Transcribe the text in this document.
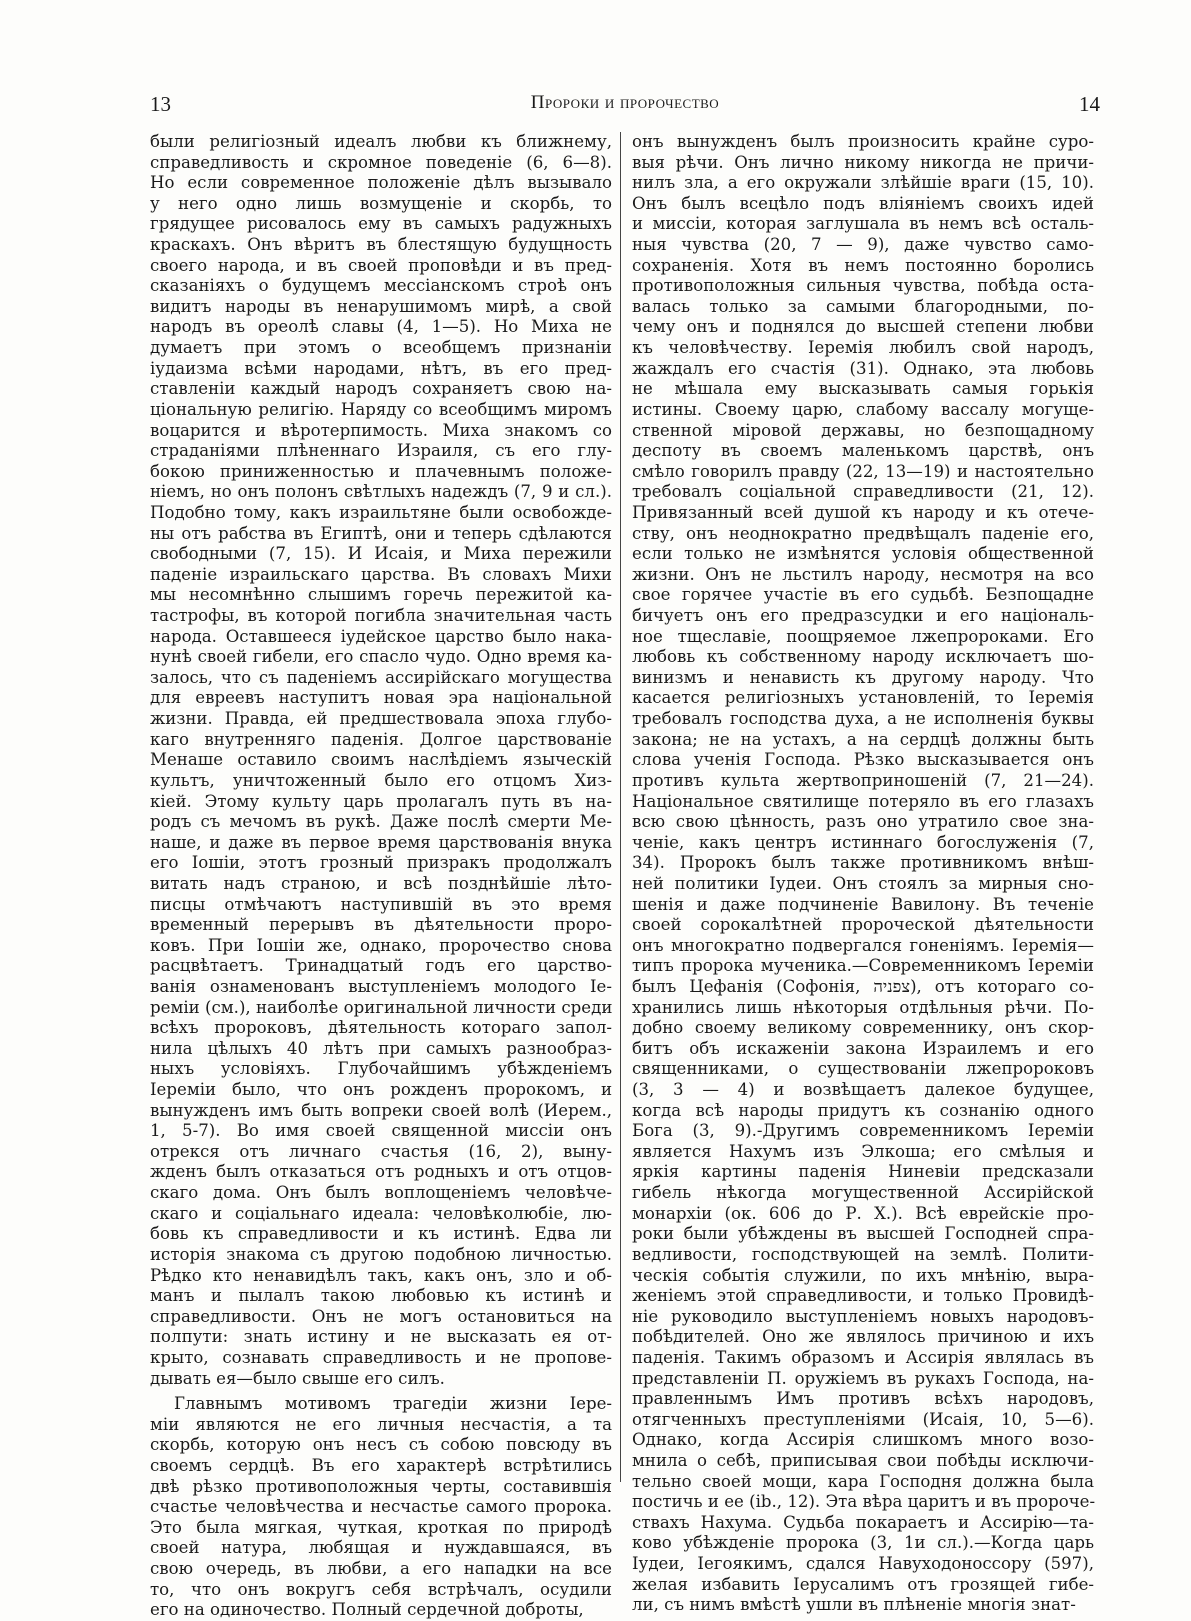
13	Пророки и пророчество	14
были религіозный идеалъ любви къ ближнему,
справедливость и скромное поведеніе (6, 6—8).
Но если современное положеніе дѣлъ вызывало
у него одно лишь возмущеніе и скорбь, то
грядущее рисовалось ему въ самыхъ радужныхъ
краскахъ. Онъ вѣритъ въ блестящую будущность
своего народа, и въ своей проповѣди и въ пред-
сказаніяхъ о будущемъ мессіанскомъ строѣ онъ
видитъ народы въ ненарушимомъ мирѣ, а свой
народъ въ ореолѣ славы (4, 1—5). Но Миха не
думаетъ при этомъ о всеобщемъ признаніи
іудаизма всѣми народами, нѣтъ, въ его пред-
ставленіи каждый народъ сохраняетъ свою на-
ціональную религію. Наряду со всеобщимъ миромъ
воцарится и вѣротерпимость. Миха знакомъ со
страданіями плѣненнаго Израиля, съ его глу-
бокою приниженностью и плачевнымъ положе-
ніемъ, но онъ полонъ свѣтлыхъ надеждъ (7, 9 и сл.).
Подобно тому, какъ израильтяне были освобожде-
ны отъ рабства въ Египтѣ, они и теперь сдѣлаются
свободными (7, 15). И Исаія, и Миха пережили
паденіе израильскаго царства. Въ словахъ Михи
мы несомнѣнно слышимъ горечь пережитой ка-
тастрофы, въ которой погибла значительная часть
народа. Оставшееся іудейское царство было нака-
нунѣ своей гибели, его спасло чудо. Одно время ка-
залось, что съ паденіемъ ассирійскаго могущества
для евреевъ наступитъ новая эра національной
жизни. Правда, ей предшествовала эпоха глубо-
каго внутренняго паденія. Долгое царствованіе
Менаше оставило своимъ наслѣдіемъ языческій
культъ, уничтоженный было его отцомъ Хиз-
кіей. Этому культу царь пролагалъ путь въ на-
родъ съ мечомъ въ рукѣ. Даже послѣ смерти Ме-
наше, и даже въ первое время царствованія внука
его Іошіи, этотъ грозный призракъ продолжалъ
витать надъ страною, и всѣ позднѣйшіе лѣто-
писцы отмѣчаютъ наступившій въ это время
временный перерывъ въ дѣятельности проро-
ковъ. При Іошіи же, однако, пророчество снова
расцвѣтаетъ. Тринадцатый годъ его царство-
ванія ознаменованъ выступленіемъ молодого Іе-
реміи (см.), наиболѣе оригинальной личности среди
всѣхъ пророковъ, дѣятельность котораго запол-
нила цѣлыхъ 40 лѣтъ при самыхъ разнообраз-
ныхъ условіяхъ. Глубочайшимъ убѣжденіемъ
Іереміи было, что онъ рожденъ пророкомъ, и
вынужденъ имъ быть вопреки своей волѣ (Иерем.,
1, 5-7). Во имя своей священной миссіи онъ
отрекся отъ личнаго счастья (16, 2), выну-
жденъ былъ отказаться отъ родныхъ и отъ отцов-
скаго дома. Онъ былъ воплощеніемъ человѣче-
скаго и соціальнаго идеала: человѣколюбіе, лю-
бовь къ справедливости и къ истинѣ. Едва ли
исторія знакома съ другою подобною личностью.
Рѣдко кто ненавидѣлъ такъ, какъ онъ, зло и об-
манъ и пылалъ такою любовью къ истинѣ и
справедливости. Онъ не могъ остановиться на
полпути: знать истину и не высказать ея от-
крыто, сознавать справедливость и не пропове-
дывать ея—было свыше его силъ.
Главнымъ мотивомъ трагедіи жизни Іере-
міи являются не его личныя несчастія, а та
скорбь, которую онъ несъ съ собою повсюду въ
своемъ сердцѣ. Въ его характерѣ встрѣтились
двѣ рѣзко противоположныя черты, составившія
счастье человѣчества и несчастье самого пророка.
Это была мягкая, чуткая, кроткая по природѣ
своей натура, любящая и нуждавшаяся, въ
свою очередь, въ любви, а его нападки на все
то, что онъ вокругъ себя встрѣчалъ, осудили
его на одиночество. Полный сердечной доброты,
онъ вынужденъ былъ произносить крайне суро-
выя рѣчи. Онъ лично никому никогда не причи-
нилъ зла, а его окружали злѣйшіе враги (15, 10).
Онъ былъ всецѣло подъ вліяніемъ своихъ идей
и миссіи, которая заглушала въ немъ всѣ осталь-
ныя чувства (20, 7 — 9), даже чувство само-
сохраненія. Хотя въ немъ постоянно боролись
противоположныя сильныя чувства, побѣда оста-
валась только за самыми благородными, по-
чему онъ и поднялся до высшей степени любви
къ человѣчеству. Іеремія любилъ свой народъ,
жаждалъ его счастія (31). Однако, эта любовь
не мѣшала ему высказывать самыя горькія
истины. Своему царю, слабому вассалу могуще-
ственной міровой державы, но безпощадному
деспоту въ своемъ маленькомъ царствѣ, онъ
смѣло говорилъ правду (22, 13—19) и настоятельно
требовалъ соціальной справедливости (21, 12).
Привязанный всей душой къ народу и къ отече-
ству, онъ неоднократно предвѣщалъ паденіе его,
если только не измѣнятся условія общественной
жизни. Онъ не льстилъ народу, несмотря на всо
свое горячее участіе въ его судьбѣ. Безпощадне
бичуетъ онъ его предразсудки и его національ-
ное тщеславіе, поощряемое лжепророками. Его
любовь къ собственному народу исключаетъ шо-
винизмъ и ненависть къ другому народу. Что
касается религіозныхъ установленій, то Іеремія
требовалъ господства духа, а не исполненія буквы
закона; не на устахъ, а на сердцѣ должны быть
слова ученія Господа. Рѣзко высказывается онъ
противъ культа жертвоприношеній (7, 21—24).
Національное святилище потеряло въ его глазахъ
всю свою цѣнность, разъ оно утратило свое зна-
ченіе, какъ центръ истиннаго богослуженія (7,
34). Пророкъ былъ также противникомъ внѣш-
ней политики Іудеи. Онъ стоялъ за мирныя сно-
шенія и даже подчиненіе Вавилону. Въ теченіе
своей сорокалѣтней пророческой дѣятельности
онъ многократно подвергался гоненіямъ. Іеремія—
типъ пророка мученика.—Современникомъ Іереміи
былъ Цефанія (Софонія, צפניה), отъ котораго со-
хранились лишь нѣкоторыя отдѣльныя рѣчи. По-
добно своему великому современнику, онъ скор-
битъ объ искаженіи закона Израилемъ и его
священниками, о существованіи лжепророковъ
(3, 3 — 4) и возвѣщаетъ далекое будущее,
когда всѣ народы придутъ къ сознанію одного
Бога (3, 9).-Другимъ современникомъ Іереміи
является Нахумъ изъ Элкоша; его смѣлыя и
яркія картины паденія Ниневіи предсказали
гибель нѣкогда могущественной Ассирійской
монархіи (ок. 606 до Р. Х.). Всѣ еврейскіе про-
роки были убѣждены въ высшей Господней спра-
ведливости, господствующей на землѣ. Полити-
ческія событія служили, по ихъ мнѣнію, выра-
женіемъ этой справедливости, и только Провидѣ-
ніе руководило выступленіемъ новыхъ народовъ-
побѣдителей. Оно же являлось причиною и ихъ
паденія. Такимъ образомъ и Ассирія являлась въ
представленіи П. оружіемъ въ рукахъ Господа, на-
правленнымъ Имъ противъ всѣхъ народовъ,
отягченныхъ преступленіями (Исаія, 10, 5—6).
Однако, когда Ассирія слишкомъ много возо-
мнила о себѣ, приписывая свои побѣды исключи-
тельно своей мощи, кара Господня должна была
постичь и ее (ib., 12). Эта вѣра царитъ и въ пророче-
ствахъ Нахума. Судьба покараетъ и Ассирію—та-
ково убѣжденіе пророка (3, 1и сл.).—Когда царь
Іудеи, Іегоякимъ, сдался Навуходоноссору (597),
желая избавить Іерусалимъ отъ грозящей гибе-
ли, съ нимъ вмѣстѣ ушли въ плѣненіе многія знат-
